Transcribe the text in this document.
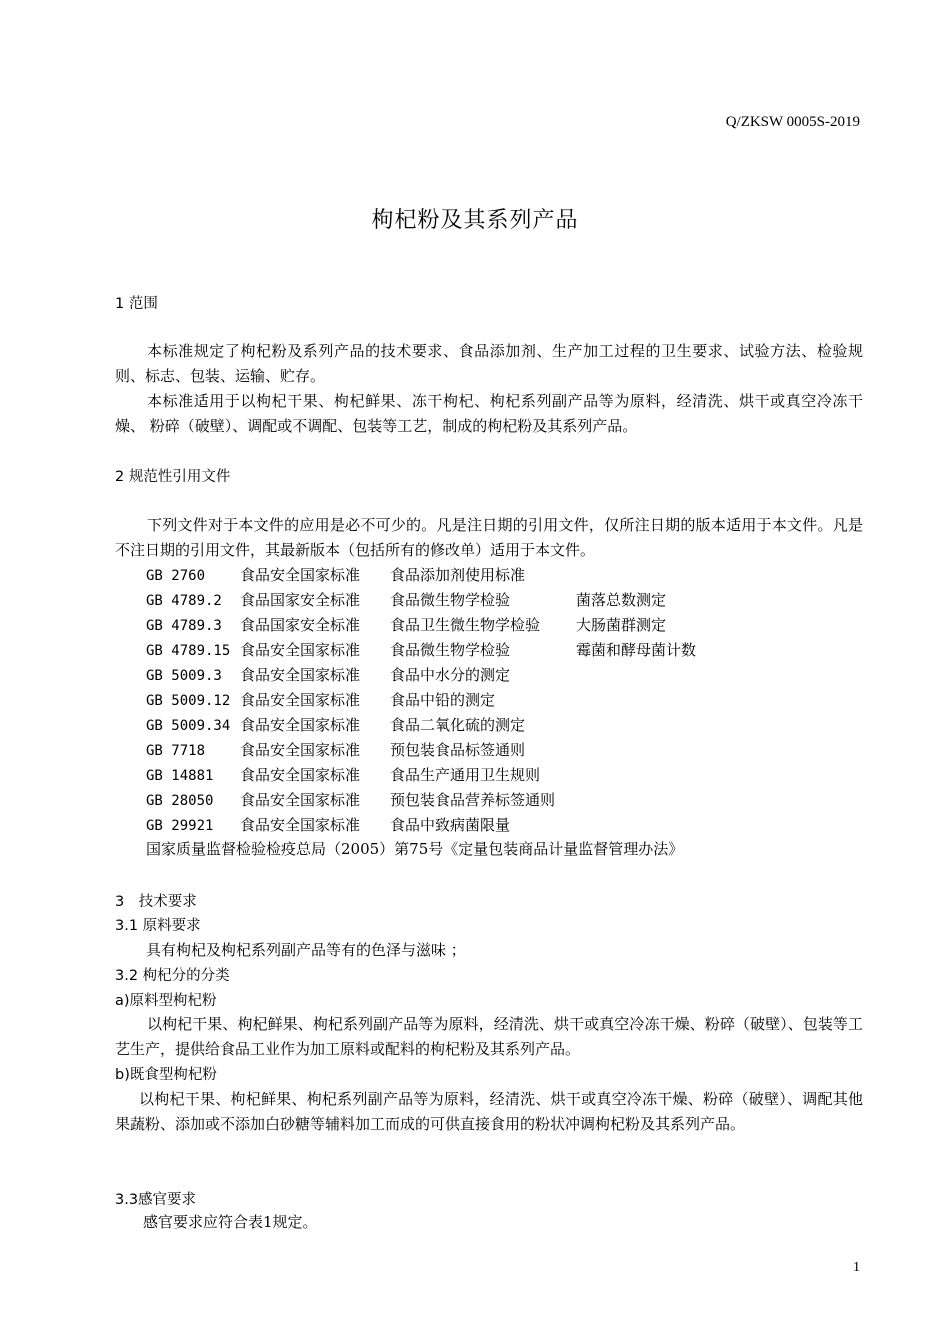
Q/ZKSW 0005S-2019
枸杞粉及其系列产品
1 范围
本标准规定了枸杞粉及系列产品的技术要求、食品添加剂、生产加工过程的卫生要求、试验方法、检验规则、标志、包装、运输、贮存。
本标准适用于以枸杞干果、枸杞鲜果、冻干枸杞、枸杞系列副产品等为原料，经清洗、烘干或真空冷冻干燥、 粉碎（破壁）、调配或不调配、包装等工艺，制成的枸杞粉及其系列产品。
2 规范性引用文件
下列文件对于本文件的应用是必不可少的。凡是注日期的引用文件，仅所注日期的版本适用于本文件。凡是不注日期的引用文件，其最新版本（包括所有的修改单）适用于本文件。
GB 2760 食品安全国家标准 食品添加剂使用标准
GB 4789.2 食品国家安全标准 食品微生物学检验	菌落总数测定
GB 4789.3 食品国家安全标准 食品卫生微生物学检验 大肠菌群测定
GB 4789.15 食品安全国家标准 食品微生物学检验	霉菌和酵母菌计数
GB 5009.3 食品安全国家标准 食品中水分的测定
GB 5009.12 食品安全国家标准 食品中铅的测定
GB 5009.34 食品安全国家标准 食品二氧化硫的测定
GB 7718 食品安全国家标准 预包装食品标签通则
GB 14881 食品安全国家标准 食品生产通用卫生规则
GB 28050 食品安全国家标准 预包装食品营养标签通则
GB 29921 食品安全国家标准 食品中致病菌限量
国家质量监督检验检疫总局（2005）第75号《定量包装商品计量监督管理办法》
3　技术要求
3.1 原料要求
具有枸杞及枸杞系列副产品等有的色泽与滋味 ；
3.2 枸杞分的分类
a)原料型枸杞粉
以枸杞干果、枸杞鲜果、枸杞系列副产品等为原料，经清洗、烘干或真空冷冻干燥、粉碎（破壁）、包装等工艺生产，提供给食品工业作为加工原料或配料的枸杞粉及其系列产品。
b)既食型枸杞粉
以枸杞干果、枸杞鲜果、枸杞系列副产品等为原料，经清洗、烘干或真空冷冻干燥、粉碎（破壁）、调配其他果蔬粉、添加或不添加白砂糖等辅料加工而成的可供直接食用的粉状冲调枸杞粉及其系列产品。
3.3感官要求
感官要求应符合表1规定。
1
